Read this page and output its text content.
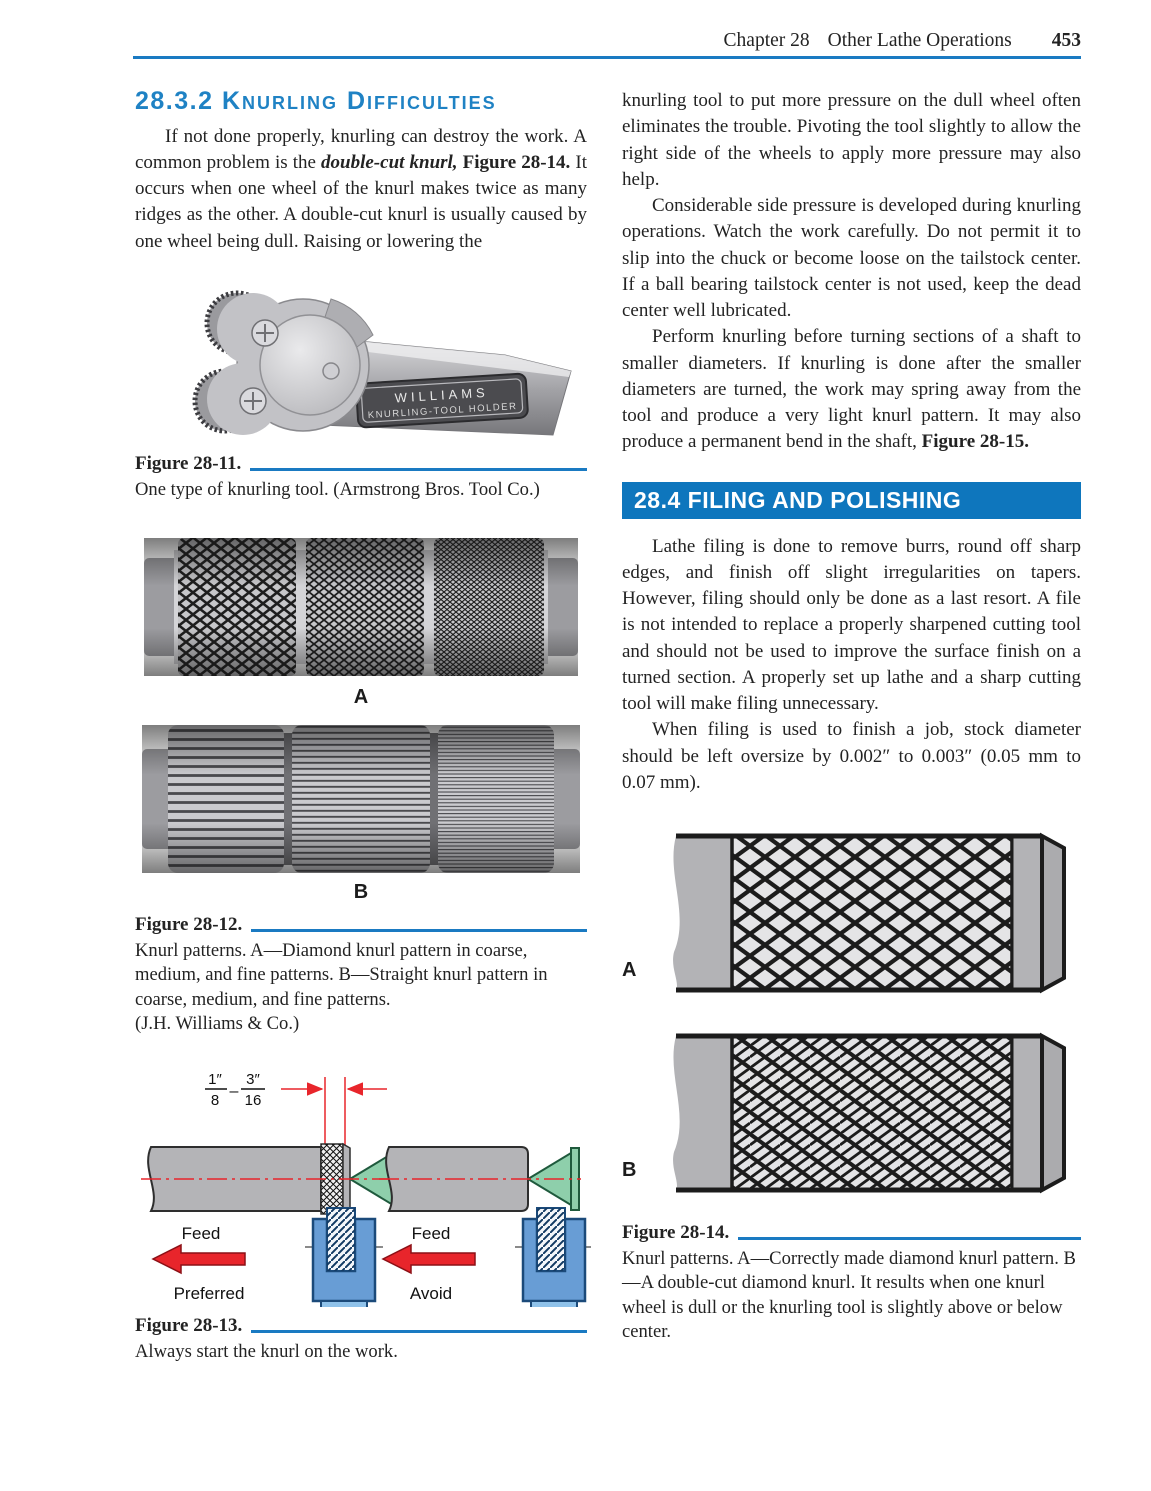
Chapter 28 Other Lathe Operations 453
28.3.2 Knurling Difficulties

If not done properly, knurling can destroy the work. A common problem is the double-cut knurl, Figure 28-14. It occurs when one wheel of the knurl makes twice as many ridges as the other. A double-cut knurl is usually caused by one wheel being dull. Raising or lowering the

WILLIAMS
KNURLING-TOOL HOLDER
Figure 28-11.
One type of knurling tool. (Armstrong Bros. Tool Co.)
A
B
Figure 28-12.
Knurl patterns. A—Diamond knurl pattern in coarse, medium, and fine patterns. B—Straight knurl pattern in coarse, medium, and fine patterns.
(J.H. Williams & Co.)
1″
8
–
3″
16
Feed
Preferred
Feed
Avoid
Figure 28-13.
Always start the knurl on the work.

knurling tool to put more pressure on the dull wheel often eliminates the trouble. Pivoting the tool slightly to allow the right side of the wheels to apply more pressure may also help.

Considerable side pressure is developed during knurling operations. Watch the work carefully. Do not permit it to slip into the chuck or become loose on the tailstock center. If a ball bearing tailstock center is not used, keep the dead center well lubricated.

Perform knurling before turning sections of a shaft to smaller diameters. If knurling is done after the smaller diameters are turned, the work may spring away from the tool and produce a very light knurl pattern. It may also produce a permanent bend in the shaft, Figure 28-15.

28.4 FILING AND POLISHING

Lathe filing is done to remove burrs, round off sharp edges, and finish off slight irregularities on tapers. However, filing should only be done as a last resort. A file is not intended to replace a properly sharpened cutting tool and should not be used to improve the surface finish on a turned section. A properly set up lathe and a sharp cutting tool will make filing unnecessary.

When filing is used to finish a job, stock diameter should be left oversize by 0.002″ to 0.003″ (0.05 mm to 0.07 mm).

A
B
Figure 28-14.
Knurl patterns. A—Correctly made diamond knurl pattern. B—A double-cut diamond knurl. It results when one knurl wheel is dull or the knurling tool is slightly above or below center.
